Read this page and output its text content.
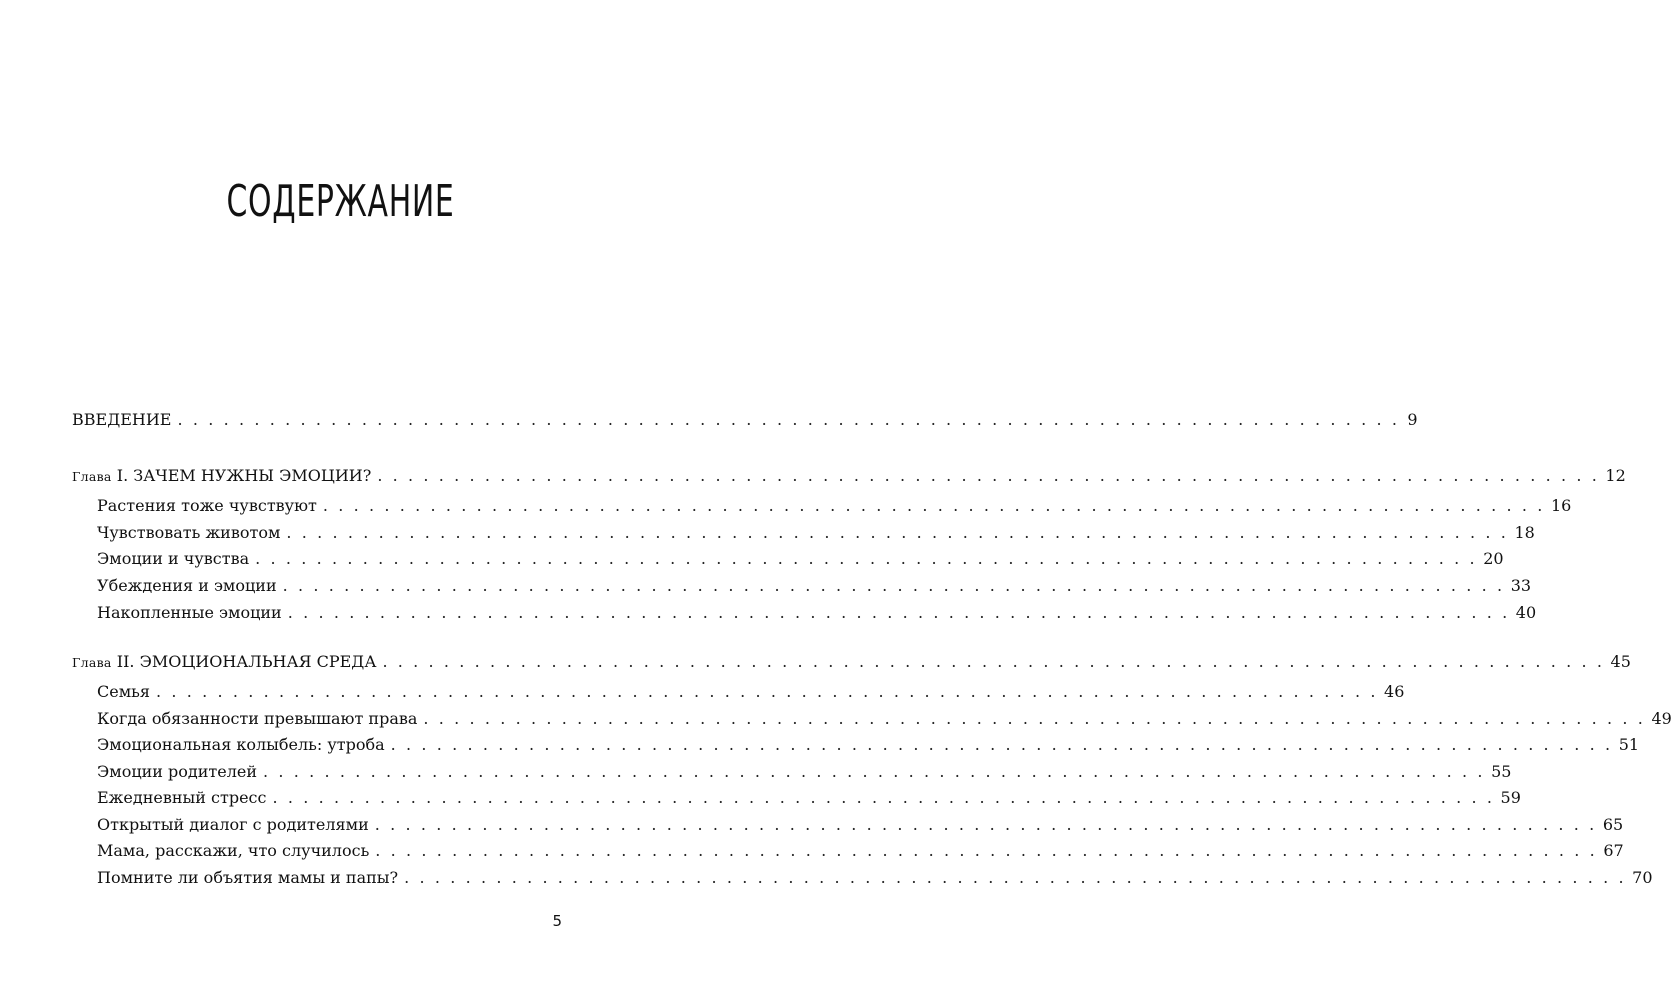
СОДЕРЖАНИЕ
ВВЕДЕНИЕ . . . . . . . . . . . . . . . . . . . . . . . . . . . . . . . . . . . . . . . . . . . . . . . . . . . . . . . . . . . . . . . . . . . . . . . . . . . . . . . . 9
Глава I. ЗАЧЕМ НУЖНЫ ЭМОЦИИ? . . . . . . . . . . . . . . . . . . . . . . . . . . . . . . . . . . . . . . . . . . . . . . . . . . . . . . . . . . . . . . . . . . . . . . . . . . . . . . . . 12
Растения тоже чувствуют . . . . . . . . . . . . . . . . . . . . . . . . . . . . . . . . . . . . . . . . . . . . . . . . . . . . . . . . . . . . . . . . . . . . . . . . . . . . . . . . 16
Чувствовать животом . . . . . . . . . . . . . . . . . . . . . . . . . . . . . . . . . . . . . . . . . . . . . . . . . . . . . . . . . . . . . . . . . . . . . . . . . . . . . . . . 18
Эмоции и чувства . . . . . . . . . . . . . . . . . . . . . . . . . . . . . . . . . . . . . . . . . . . . . . . . . . . . . . . . . . . . . . . . . . . . . . . . . . . . . . . . 20
Убеждения и эмоции . . . . . . . . . . . . . . . . . . . . . . . . . . . . . . . . . . . . . . . . . . . . . . . . . . . . . . . . . . . . . . . . . . . . . . . . . . . . . . . . 33
Накопленные эмоции . . . . . . . . . . . . . . . . . . . . . . . . . . . . . . . . . . . . . . . . . . . . . . . . . . . . . . . . . . . . . . . . . . . . . . . . . . . . . . . . 40
Глава II. ЭМОЦИОНАЛЬНАЯ СРЕДА . . . . . . . . . . . . . . . . . . . . . . . . . . . . . . . . . . . . . . . . . . . . . . . . . . . . . . . . . . . . . . . . . . . . . . . . . . . . . . . . 45
Семья . . . . . . . . . . . . . . . . . . . . . . . . . . . . . . . . . . . . . . . . . . . . . . . . . . . . . . . . . . . . . . . . . . . . . . . . . . . . . . . . 46
Когда обязанности превышают права . . . . . . . . . . . . . . . . . . . . . . . . . . . . . . . . . . . . . . . . . . . . . . . . . . . . . . . . . . . . . . . . . . . . . . . . . . . . . . . . 49
Эмоциональная колыбель: утроба . . . . . . . . . . . . . . . . . . . . . . . . . . . . . . . . . . . . . . . . . . . . . . . . . . . . . . . . . . . . . . . . . . . . . . . . . . . . . . . . 51
Эмоции родителей . . . . . . . . . . . . . . . . . . . . . . . . . . . . . . . . . . . . . . . . . . . . . . . . . . . . . . . . . . . . . . . . . . . . . . . . . . . . . . . . 55
Ежедневный стресс . . . . . . . . . . . . . . . . . . . . . . . . . . . . . . . . . . . . . . . . . . . . . . . . . . . . . . . . . . . . . . . . . . . . . . . . . . . . . . . . 59
Открытый диалог с родителями . . . . . . . . . . . . . . . . . . . . . . . . . . . . . . . . . . . . . . . . . . . . . . . . . . . . . . . . . . . . . . . . . . . . . . . . . . . . . . . . 65
Мама, расскажи, что случилось . . . . . . . . . . . . . . . . . . . . . . . . . . . . . . . . . . . . . . . . . . . . . . . . . . . . . . . . . . . . . . . . . . . . . . . . . . . . . . . . 67
Помните ли объятия мамы и папы? . . . . . . . . . . . . . . . . . . . . . . . . . . . . . . . . . . . . . . . . . . . . . . . . . . . . . . . . . . . . . . . . . . . . . . . . . . . . . . . . 70
5
